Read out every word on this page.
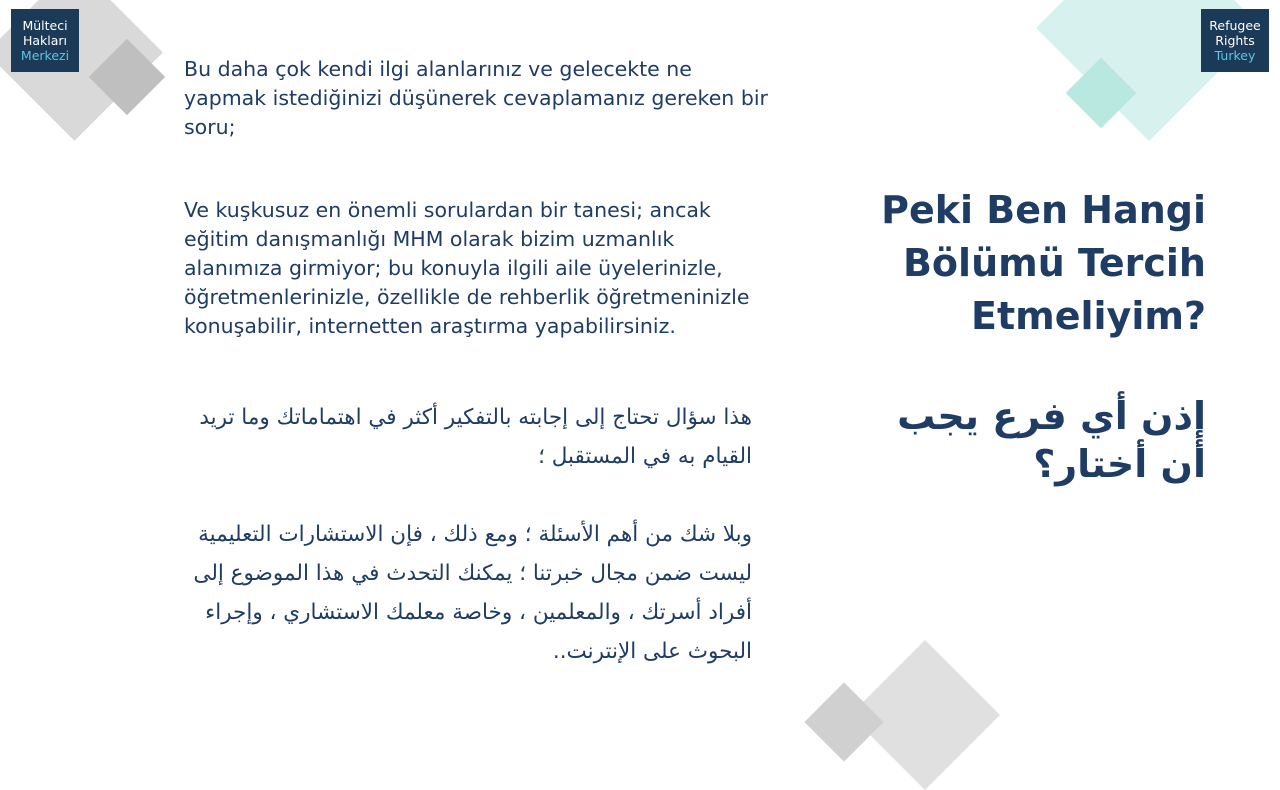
Mülteci
Hakları
Merkezi
Refugee
Rights
Turkey

Bu daha çok kendi ilgi alanlarınız ve gelecekte ne yapmak istediğinizi düşünerek cevaplamanız gereken bir soru;

Ve kuşkusuz en önemli sorulardan bir tanesi; ancak eğitim danışmanlığı MHM olarak bizim uzmanlık alanımıza girmiyor; bu konuyla ilgili aile üyelerinizle, öğretmenlerinizle, özellikle de rehberlik öğretmeninizle konuşabilir, internetten araştırma yapabilirsiniz.

هذا سؤال تحتاج إلى إجابته بالتفكير أكثر في اهتماماتك وما تريد القيام به في المستقبل ؛

وبلا شك من أهم الأسئلة ؛ ومع ذلك ، فإن الاستشارات التعليمية ليست ضمن مجال خبرتنا ؛ يمكنك التحدث في هذا الموضوع إلى أفراد أسرتك ، والمعلمين ، وخاصة معلمك الاستشاري ، وإجراء البحوث على الإنترنت..

Peki Ben Hangi Bölümü Tercih Etmeliyim?
إذن أي فرع يجب أن أختار؟
